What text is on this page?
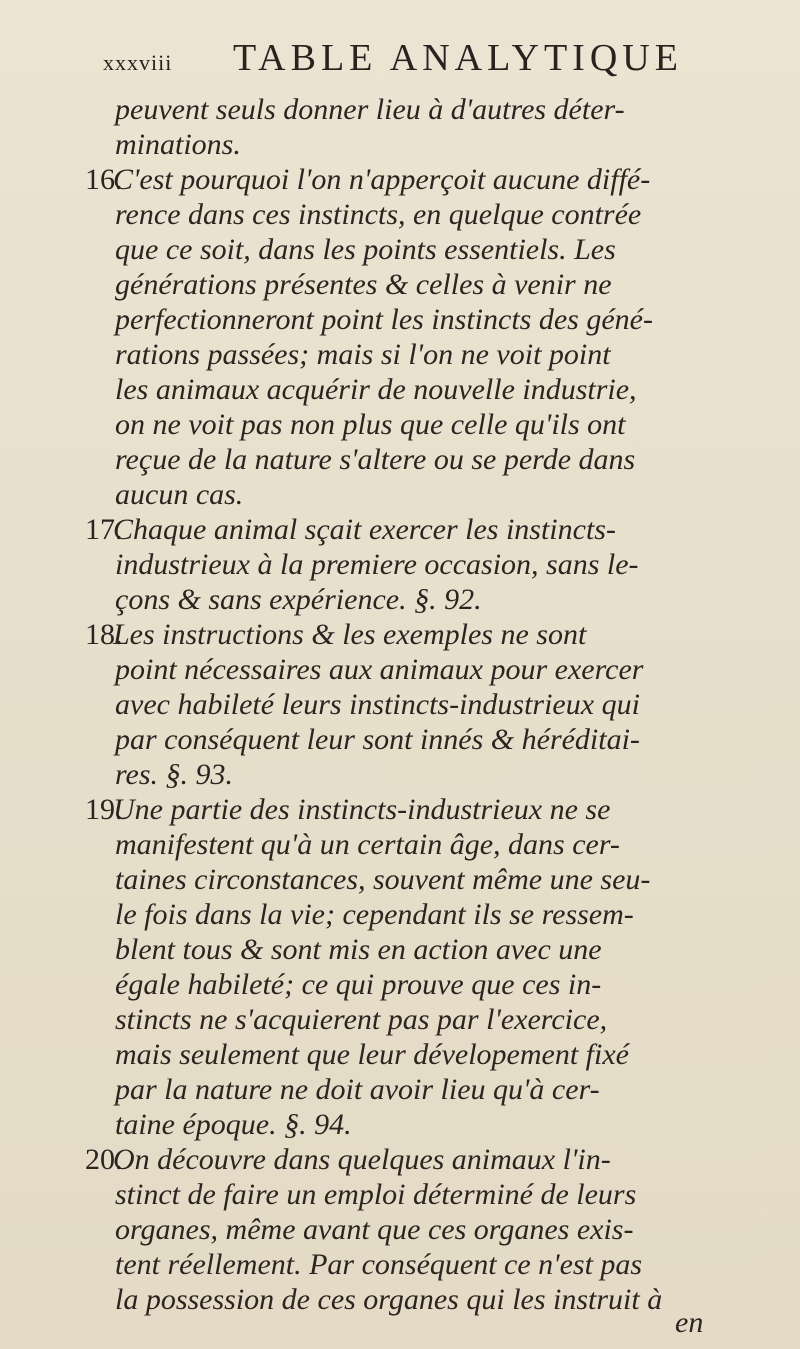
xxxviii	TABLE ANALYTIQUE
peuvent seuls donner lieu à d'autres déter-
minations.
16.C'est pourquoi l'on n'apperçoit aucune diffé-
rence dans ces instincts, en quelque contrée
que ce soit, dans les points essentiels. Les
générations présentes & celles à venir ne
perfectionneront point les instincts des géné-
rations passées; mais si l'on ne voit point
les animaux acquérir de nouvelle industrie,
on ne voit pas non plus que celle qu'ils ont
reçue de la nature s'altere ou se perde dans
aucun cas.
17.Chaque animal sçait exercer les instincts-
industrieux à la premiere occasion, sans le-
çons & sans expérience. §. 92.
18.Les instructions & les exemples ne sont
point nécessaires aux animaux pour exercer
avec habileté leurs instincts-industrieux qui
par conséquent leur sont innés & héréditai-
res. §. 93.
19.Une partie des instincts-industrieux ne se
manifestent qu'à un certain âge, dans cer-
taines circonstances, souvent même une seu-
le fois dans la vie; cependant ils se ressem-
blent tous & sont mis en action avec une
égale habileté; ce qui prouve que ces in-
stincts ne s'acquierent pas par l'exercice,
mais seulement que leur dévelopement fixé
par la nature ne doit avoir lieu qu'à cer-
taine époque. §. 94.
20.On découvre dans quelques animaux l'in-
stinct de faire un emploi déterminé de leurs
organes, même avant que ces organes exis-
tent réellement. Par conséquent ce n'est pas
la possession de ces organes qui les instruit à
en
